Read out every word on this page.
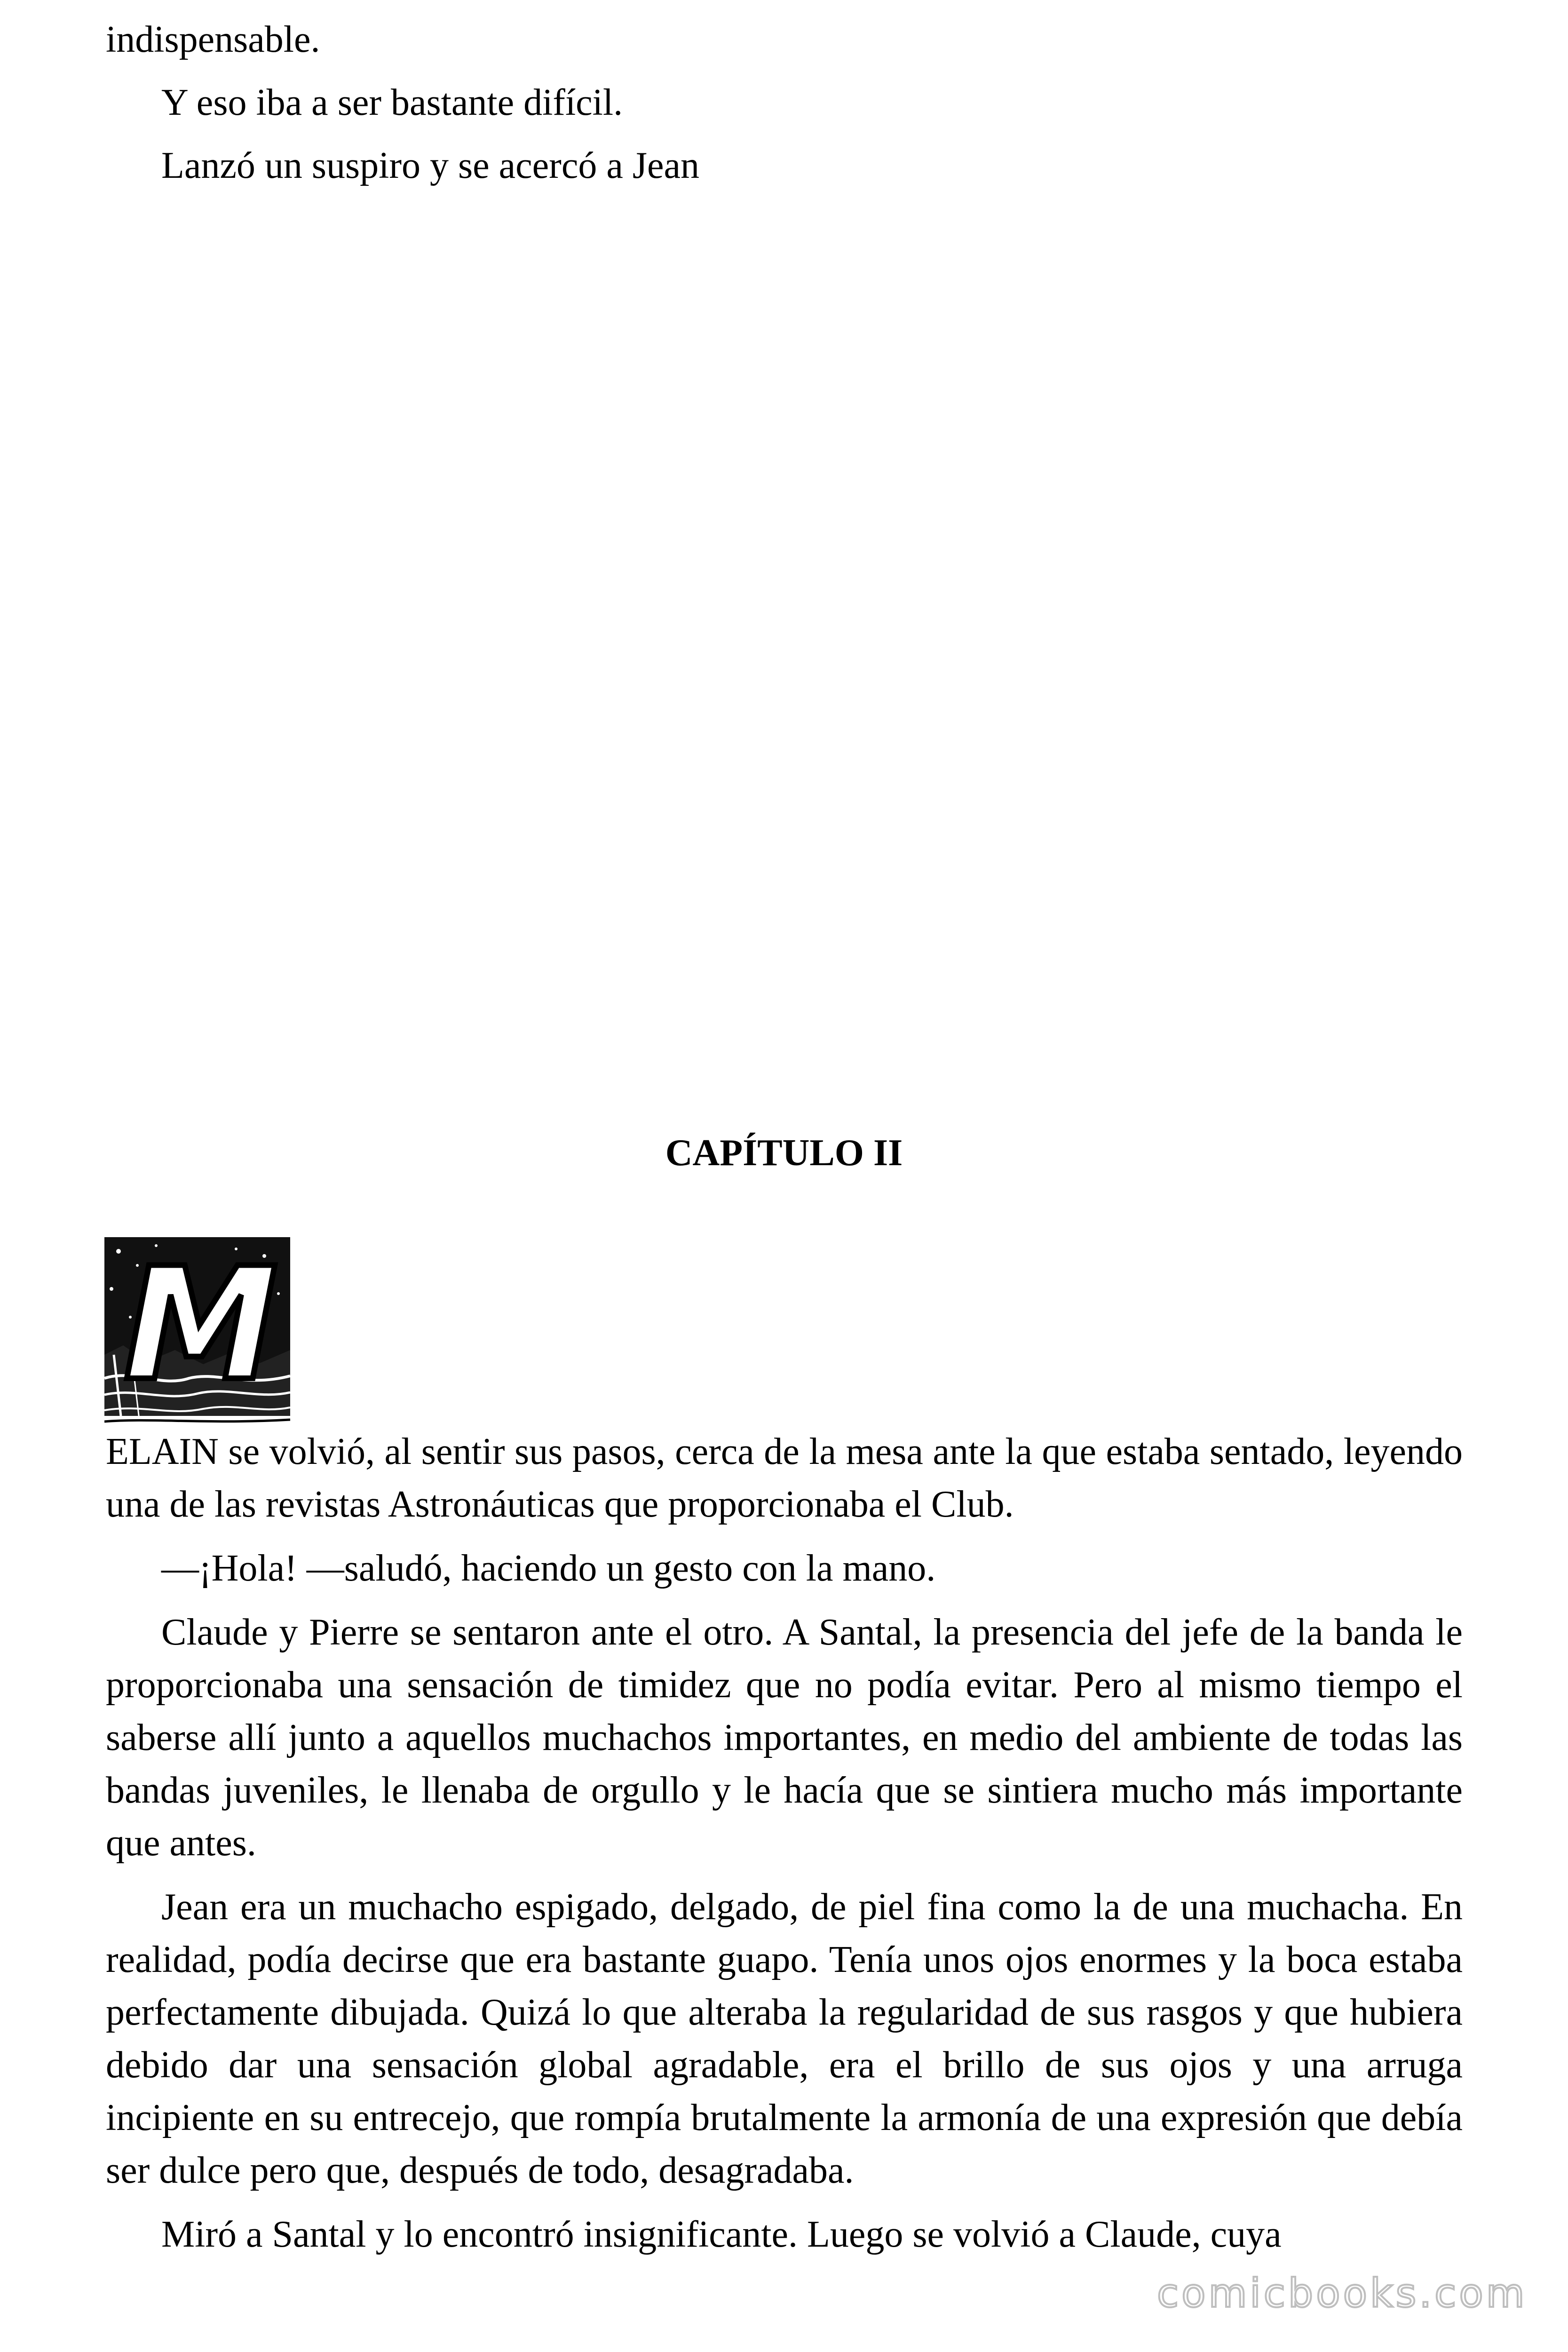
indispensable.

Y eso iba a ser bastante difícil.

Lanzó un suspiro y se acercó a Jean

CAPÍTULO II
M

ELAIN se volvió, al sentir sus pasos, cerca de la mesa ante la que estaba sentado, leyendo una de las revistas Astronáuticas que proporcionaba el Club.

—¡Hola! —saludó, haciendo un gesto con la mano.

Claude y Pierre se sentaron ante el otro. A Santal, la presencia del jefe de la banda le proporcionaba una sensación de timidez que no podía evitar. Pero al mismo tiempo el saberse allí junto a aquellos muchachos importantes, en medio del ambiente de todas las bandas juveniles, le llenaba de orgullo y le hacía que se sintiera mucho más importante que antes.

Jean era un muchacho espigado, delgado, de piel fina como la de una muchacha. En realidad, podía decirse que era bastante guapo. Tenía unos ojos enormes y la boca estaba perfectamente dibujada. Quizá lo que alteraba la regularidad de sus rasgos y que hubiera debido dar una sensación global agradable, era el brillo de sus ojos y una arruga incipiente en su entrecejo, que rompía brutalmente la armonía de una expresión que debía ser dulce pero que, después de todo, desagradaba.

Miró a Santal y lo encontró insignificante. Luego se volvió a Claude, cuya

comicbooks.com
